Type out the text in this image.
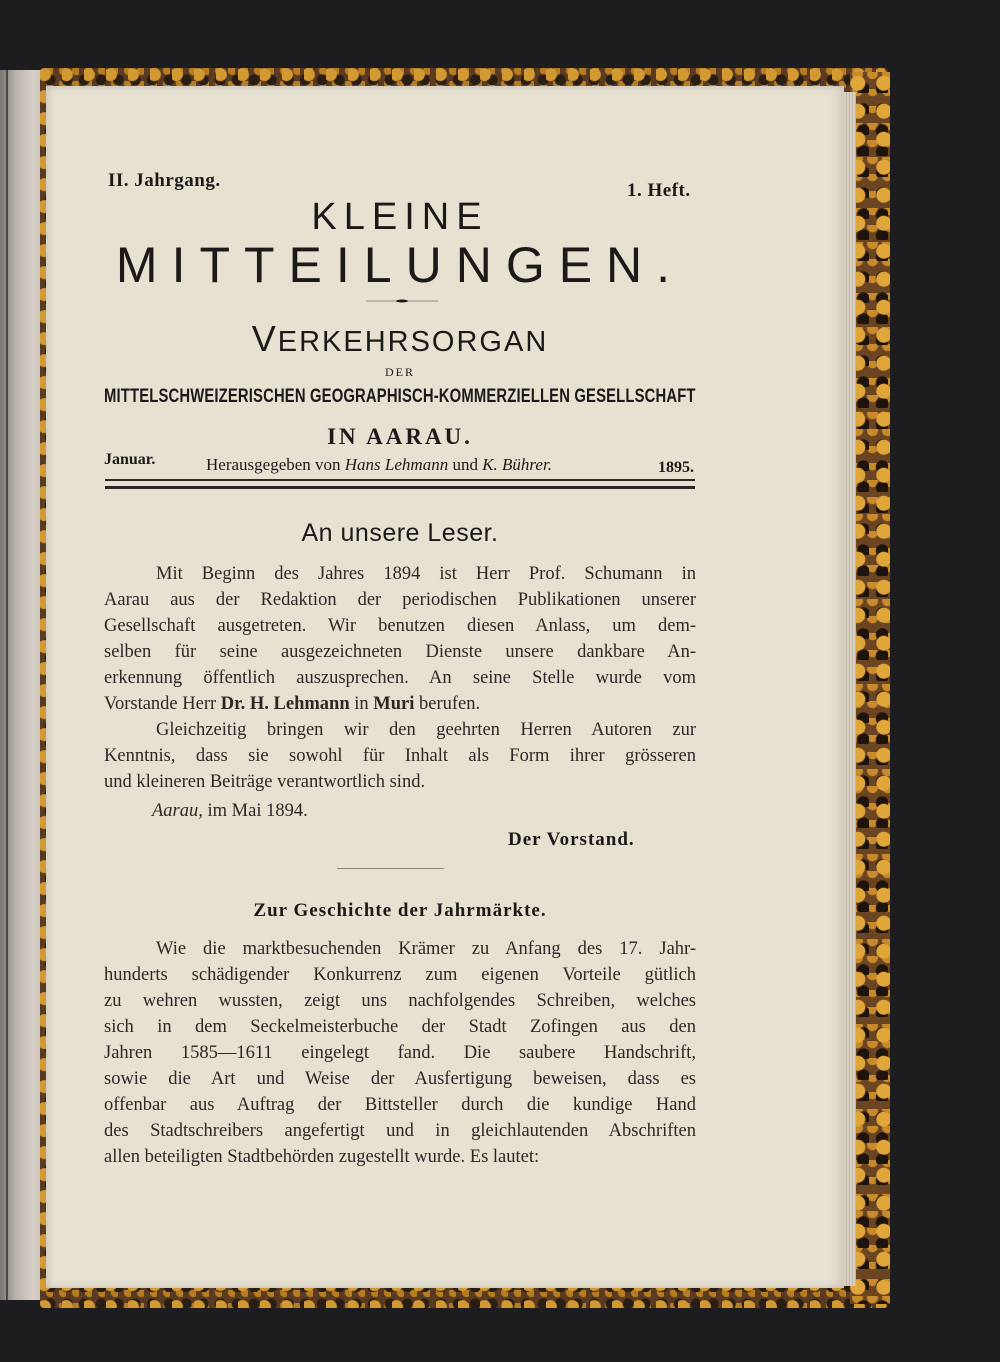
II. Jahrgang.	1. Heft.
KLEINE
MITTEILUNGEN.
VERKEHRSORGAN
DER
MITTELSCHWEIZERISCHEN GEOGRAPHISCH-KOMMERZIELLEN GESELLSCHAFT
IN AARAU.
Januar.	Herausgegeben von Hans Lehmann und K. Bührer.	1895.
An unsere Leser.
Mit Beginn des Jahres 1894 ist Herr Prof. Schumann in
Aarau aus der Redaktion der periodischen Publikationen unserer
Gesellschaft ausgetreten. Wir benutzen diesen Anlass, um dem-
selben für seine ausgezeichneten Dienste unsere dankbare An-
erkennung öffentlich auszusprechen. An seine Stelle wurde vom
Vorstande Herr Dr. H. Lehmann in Muri berufen.
Gleichzeitig bringen wir den geehrten Herren Autoren zur
Kenntnis, dass sie sowohl für Inhalt als Form ihrer grösseren
und kleineren Beiträge verantwortlich sind.
Aarau, im Mai 1894.
Der Vorstand.
Zur Geschichte der Jahrmärkte.
Wie die marktbesuchenden Krämer zu Anfang des 17. Jahr-
hunderts schädigender Konkurrenz zum eigenen Vorteile gütlich
zu wehren wussten, zeigt uns nachfolgendes Schreiben, welches
sich in dem Seckelmeisterbuche der Stadt Zofingen aus den
Jahren 1585—1611 eingelegt fand. Die saubere Handschrift,
sowie die Art und Weise der Ausfertigung beweisen, dass es
offenbar aus Auftrag der Bittsteller durch die kundige Hand
des Stadtschreibers angefertigt und in gleichlautenden Abschriften
allen beteiligten Stadtbehörden zugestellt wurde. Es lautet:
